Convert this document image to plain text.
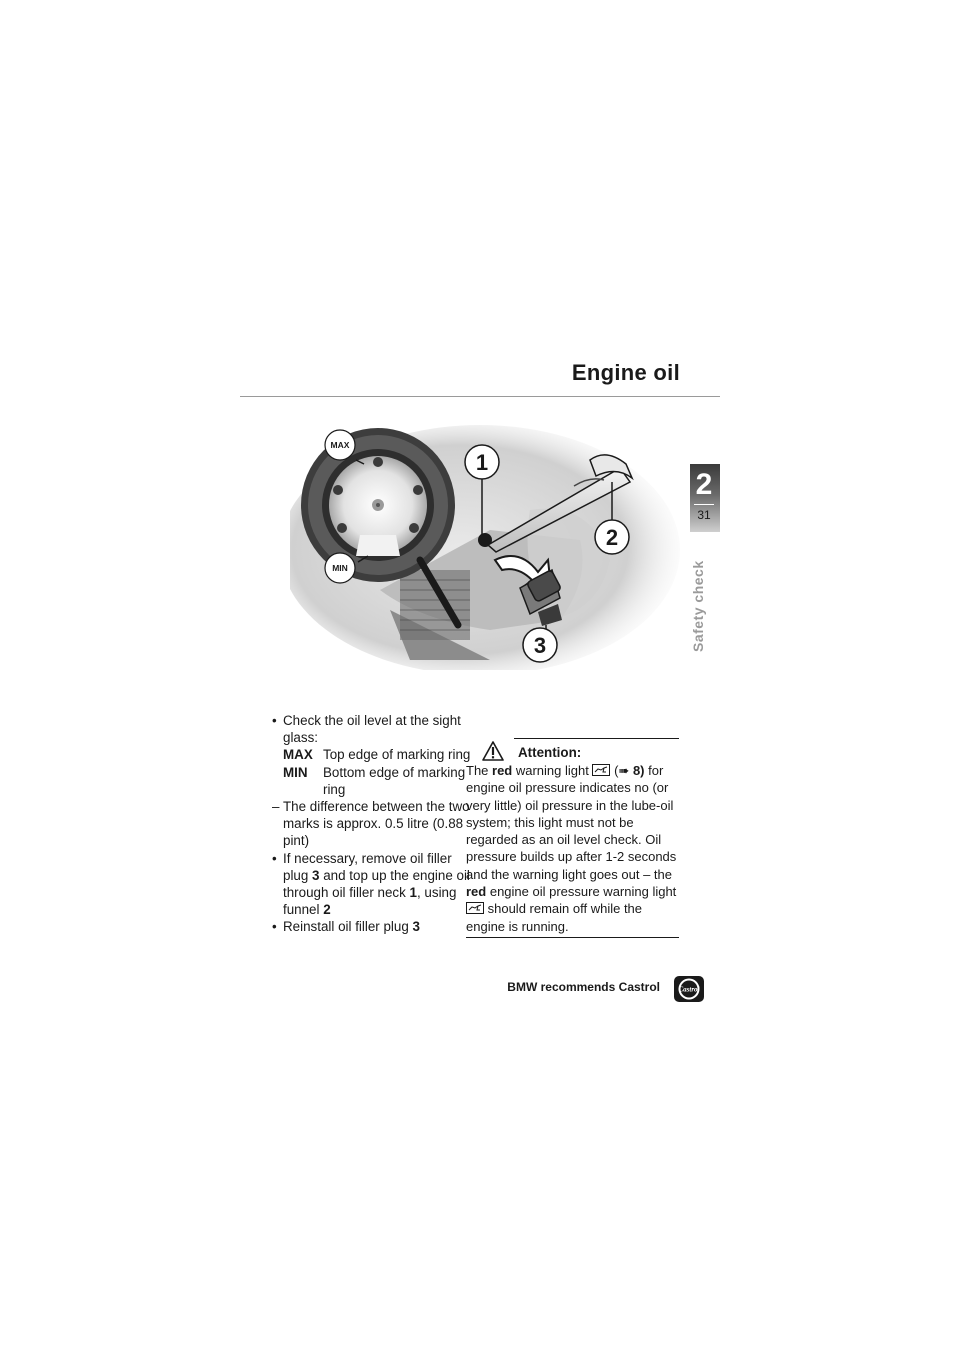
Engine oil
2
31
Safety check
1
2
3
MAX
MIN
• Check the oil level at the sight glass:
MAX Top edge of marking ring
MIN	Bottom edge of marking ring
– The difference between the two marks is approx. 0.5 litre (0.88 pint)
• If necessary, remove oil filler plug 3 and top up the engine oil through oil filler neck 1, using funnel 2
• Reinstall oil filler plug 3
Attention:
The red warning light  (➠ 8) for engine oil pressure indicates no (or very little) oil pressure in the lube-oil system; this light must not be regarded as an oil level check. Oil pressure builds up after 1-2 seconds and the warning light goes out – the red engine oil pressure warning light  should remain off while the engine is running.
BMW recommends Castrol	Castrol
